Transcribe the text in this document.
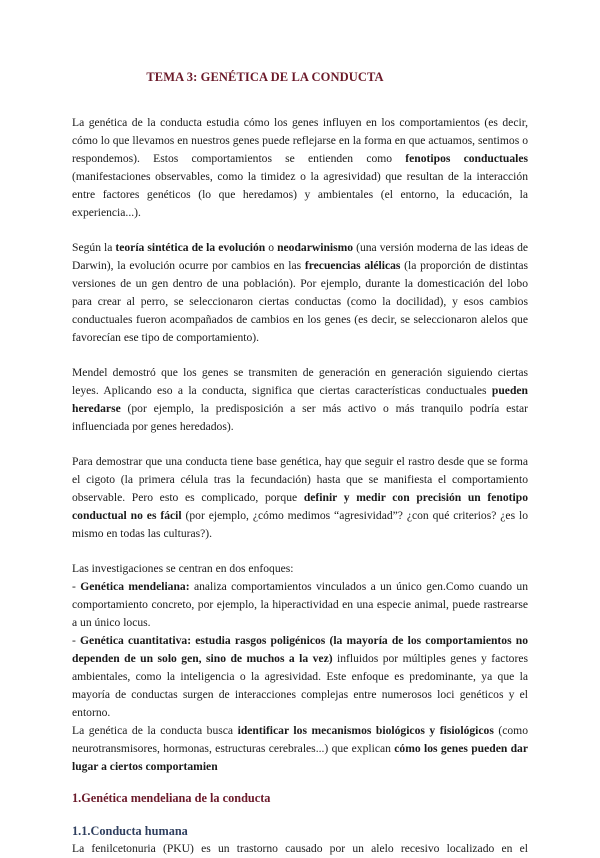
TEMA 3: GENÉTICA DE LA CONDUCTA

La genética de la conducta estudia cómo los genes influyen en los comportamientos (es decir, cómo lo que llevamos en nuestros genes puede reflejarse en la forma en que actuamos, sentimos o respondemos). Estos comportamientos se entienden como fenotipos conductuales (manifestaciones observables, como la timidez o la agresividad) que resultan de la interacción entre factores genéticos (lo que heredamos) y ambientales (el entorno, la educación, la experiencia...).

Según la teoría sintética de la evolución o neodarwinismo (una versión moderna de las ideas de Darwin), la evolución ocurre por cambios en las frecuencias alélicas (la proporción de distintas versiones de un gen dentro de una población). Por ejemplo, durante la domesticación del lobo para crear al perro, se seleccionaron ciertas conductas (como la docilidad), y esos cambios conductuales fueron acompañados de cambios en los genes (es decir, se seleccionaron alelos que favorecían ese tipo de comportamiento).

Mendel demostró que los genes se transmiten de generación en generación siguiendo ciertas leyes. Aplicando eso a la conducta, significa que ciertas características conductuales pueden heredarse (por ejemplo, la predisposición a ser más activo o más tranquilo podría estar influenciada por genes heredados).

Para demostrar que una conducta tiene base genética, hay que seguir el rastro desde que se forma el cigoto (la primera célula tras la fecundación) hasta que se manifiesta el comportamiento observable. Pero esto es complicado, porque definir y medir con precisión un fenotipo conductual no es fácil (por ejemplo, ¿cómo medimos “agresividad”? ¿con qué criterios? ¿es lo mismo en todas las culturas?).

Las investigaciones se centran en dos enfoques:

- Genética mendeliana: analiza comportamientos vinculados a un único gen.Como cuando un comportamiento concreto, por ejemplo, la hiperactividad en una especie animal, puede rastrearse a un único locus.

- Genética cuantitativa: estudia rasgos poligénicos (la mayoría de los comportamientos no dependen de un solo gen, sino de muchos a la vez) influidos por múltiples genes y factores ambientales, como la inteligencia o la agresividad. Este enfoque es predominante, ya que la mayoría de conductas surgen de interacciones complejas entre numerosos loci genéticos y el entorno.

La genética de la conducta busca identificar los mecanismos biológicos y fisiológicos (como neurotransmisores, hormonas, estructuras cerebrales...) que explican cómo los genes pueden dar lugar a ciertos comportamien

1.Genética mendeliana de la conducta
1.1.Conducta humana

La fenilcetonuria (PKU) es un trastorno causado por un alelo recesivo localizado en el
